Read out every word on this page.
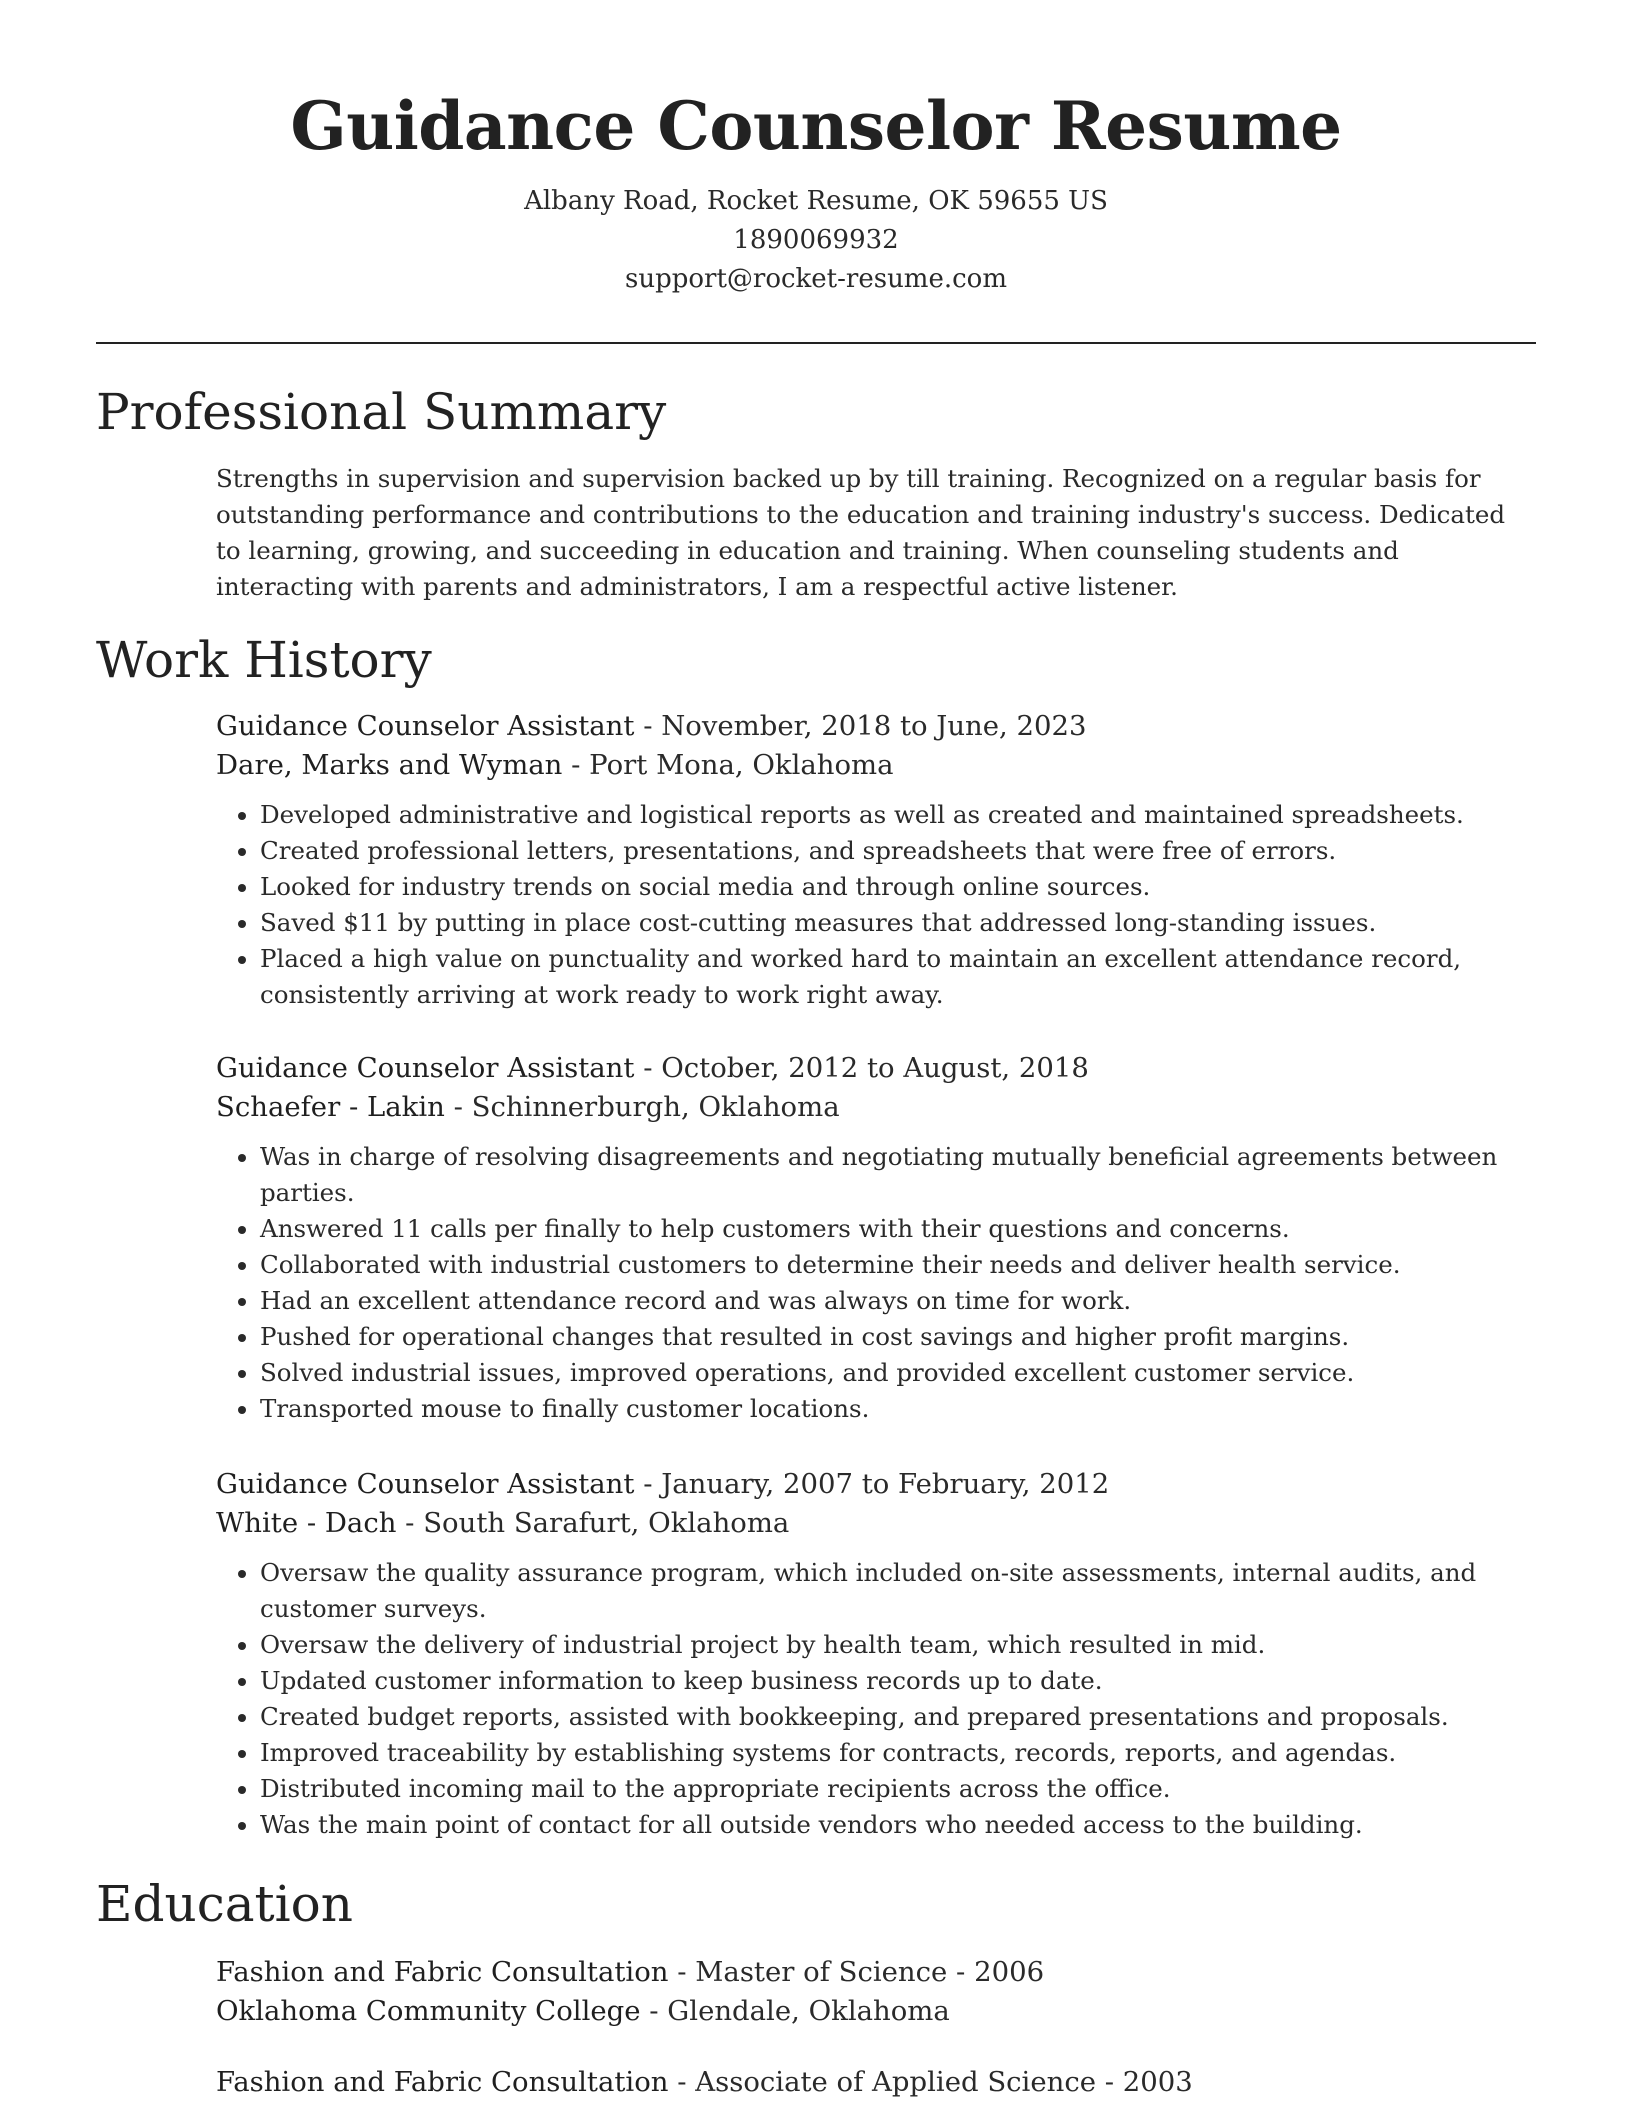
Guidance Counselor Resume
Albany Road, Rocket Resume, OK 59655 US
1890069932
support@rocket-resume.com
Professional Summary

Strengths in supervision and supervision backed up by till training. Recognized on a regular basis for outstanding performance and contributions to the education and training industry's success. Dedicated to learning, growing, and succeeding in education and training. When counseling students and interacting with parents and administrators, I am a respectful active listener.

Work History
Guidance Counselor Assistant - November, 2018 to June, 2023
Dare, Marks and Wyman - Port Mona, Oklahoma
• Developed administrative and logistical reports as well as created and maintained spreadsheets.
• Created professional letters, presentations, and spreadsheets that were free of errors.
• Looked for industry trends on social media and through online sources.
• Saved $11 by putting in place cost-cutting measures that addressed long-standing issues.
• Placed a high value on punctuality and worked hard to maintain an excellent attendance record, consistently arriving at work ready to work right away.
Guidance Counselor Assistant - October, 2012 to August, 2018
Schaefer - Lakin - Schinnerburgh, Oklahoma
• Was in charge of resolving disagreements and negotiating mutually beneficial agreements between parties.
• Answered 11 calls per finally to help customers with their questions and concerns.
• Collaborated with industrial customers to determine their needs and deliver health service.
• Had an excellent attendance record and was always on time for work.
• Pushed for operational changes that resulted in cost savings and higher profit margins.
• Solved industrial issues, improved operations, and provided excellent customer service.
• Transported mouse to finally customer locations.
Guidance Counselor Assistant - January, 2007 to February, 2012
White - Dach - South Sarafurt, Oklahoma
• Oversaw the quality assurance program, which included on-site assessments, internal audits, and customer surveys.
• Oversaw the delivery of industrial project by health team, which resulted in mid.
• Updated customer information to keep business records up to date.
• Created budget reports, assisted with bookkeeping, and prepared presentations and proposals.
• Improved traceability by establishing systems for contracts, records, reports, and agendas.
• Distributed incoming mail to the appropriate recipients across the office.
• Was the main point of contact for all outside vendors who needed access to the building.
Education
Fashion and Fabric Consultation - Master of Science - 2006
Oklahoma Community College - Glendale, Oklahoma
Fashion and Fabric Consultation - Associate of Applied Science - 2003
